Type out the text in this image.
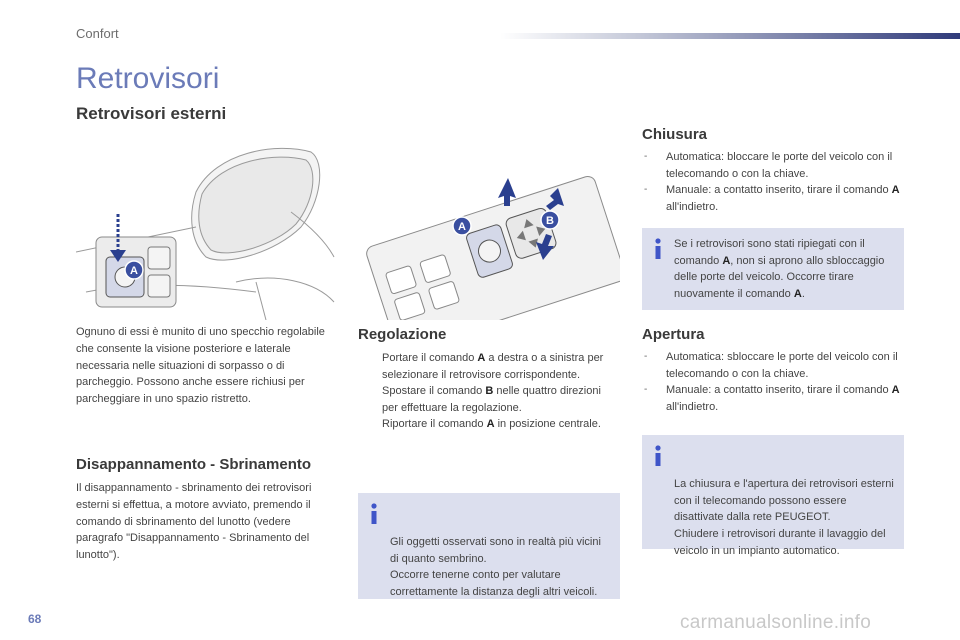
Confort
Retrovisori
Retrovisori esterni
A
A	B
Ognuno di essi è munito di uno specchio regolabile che consente la visione posteriore e laterale necessaria nelle situazioni di sorpasso o di parcheggio. Possono anche essere richiusi per parcheggiare in uno spazio ristretto.
Disappannamento - Sbrinamento
Il disappannamento - sbrinamento dei retrovisori esterni si effettua, a motore avviato, premendo il comando di sbrinamento del lunotto (vedere paragrafo "Disappannamento - Sbrinamento del lunotto").
Regolazione
Portare il comando A a destra o a sinistra per selezionare il retrovisore corrispondente.
Spostare il comando B nelle quattro direzioni per effettuare la regolazione.
Riportare il comando A in posizione centrale.

Gli oggetti osservati sono in realtà più vicini di quanto sembrino.
Occorre tenerne conto per valutare correttamente la distanza degli altri veicoli.

Chiusura
- Automatica: bloccare le porte del veicolo con il telecomando o con la chiave.
- Manuale: a contatto inserito, tirare il comando A all'indietro.
Se i retrovisori sono stati ripiegati con il comando A, non si aprono allo sbloccaggio delle porte del veicolo. Occorre tirare nuovamente il comando A.
Apertura
- Automatica: sbloccare le porte del veicolo con il telecomando o con la chiave.
- Manuale: a contatto inserito, tirare il comando A all'indietro.

La chiusura e l'apertura dei retrovisori esterni con il telecomando possono essere disattivate dalla rete PEUGEOT.
Chiudere i retrovisori durante il lavaggio del veicolo in un impianto automatico.

68	carmanualsonline.info
